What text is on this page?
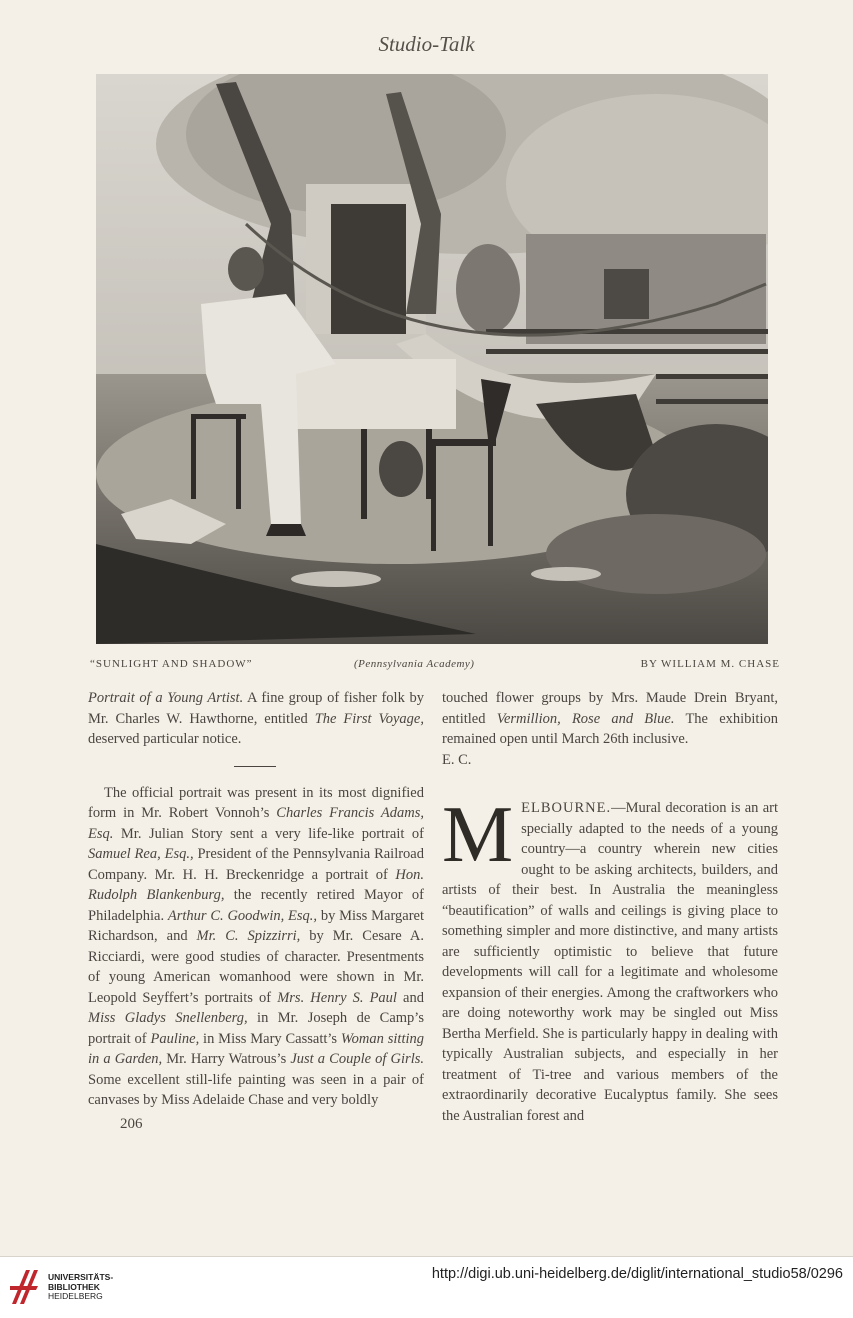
Studio-Talk
“SUNLIGHT AND SHADOW”	(Pennsylvania Academy)	BY WILLIAM M. CHASE

Portrait of a Young Artist. A fine group of fisher folk by Mr. Charles W. Hawthorne, entitled The First Voyage, deserved particular notice.

The official portrait was present in its most dignified form in Mr. Robert Vonnoh’s Charles Francis Adams, Esq. Mr. Julian Story sent a very life-like portrait of Samuel Rea, Esq., President of the Pennsylvania Railroad Company. Mr. H. H. Breckenridge a portrait of Hon. Rudolph Blankenburg, the recently retired Mayor of Philadelphia. Arthur C. Goodwin, Esq., by Miss Margaret Richardson, and Mr. C. Spizzirri, by Mr. Cesare A. Ricciardi, were good studies of character. Presentments of young American womanhood were shown in Mr. Leopold Seyffert’s portraits of Mrs. Henry S. Paul and Miss Gladys Snellenberg, in Mr. Joseph de Camp’s portrait of Pauline, in Miss Mary Cassatt’s Woman sitting in a Garden, Mr. Harry Watrous’s Just a Couple of Girls. Some excellent still-life painting was seen in a pair of canvases by Miss Adelaide Chase and very boldly

touched flower groups by Mrs. Maude Drein Bryant, entitled Vermillion, Rose and Blue. The exhibition remained open until March 26th inclusive.

E. C.

MELBOURNE.—Mural decoration is an art specially adapted to the needs of a young country—a country wherein new cities ought to be asking architects, builders, and artists of their best. In Australia the meaningless “beautification” of walls and ceilings is giving place to something simpler and more distinctive, and many artists are sufficiently optimistic to believe that future developments will call for a legitimate and wholesome expansion of their energies. Among the craftworkers who are doing noteworthy work may be singled out Miss Bertha Merfield. She is particularly happy in dealing with typically Australian subjects, and especially in her treatment of Ti-tree and various members of the extraordinarily decorative Eucalyptus family. She sees the Australian forest and

206
UNIVERSITÄTS-
BIBLIOTHEK
HEIDELBERG
http://digi.ub.uni-heidelberg.de/diglit/international_studio58/0296
